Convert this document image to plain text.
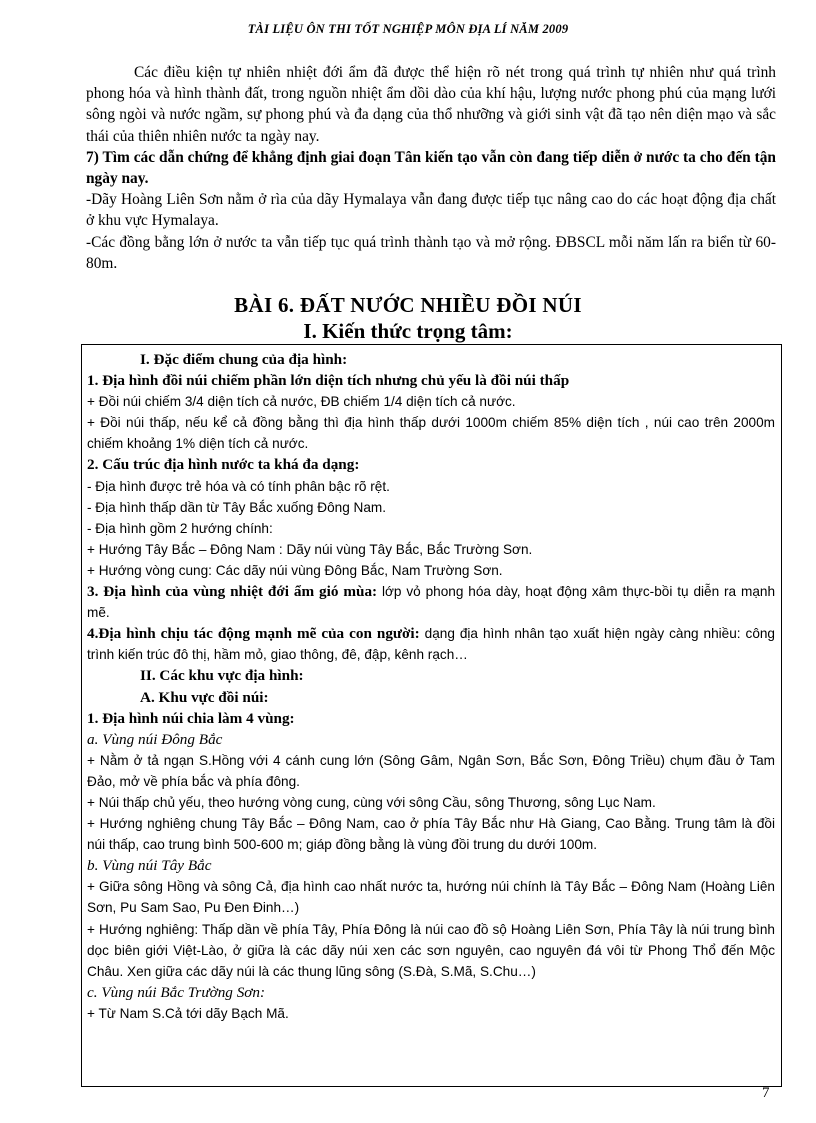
TÀI LIỆU ÔN THI TỐT NGHIỆP MÔN ĐỊA LÍ NĂM 2009

Các điều kiện tự nhiên nhiệt đới ẩm đã được thể hiện rõ nét trong quá trình tự nhiên như quá trình phong hóa và hình thành đất, trong nguồn nhiệt ẩm dồi dào của khí hậu, lượng nước phong phú của mạng lưới sông ngòi và nước ngầm, sự phong phú và đa dạng của thổ nhưỡng và giới sinh vật đã tạo nên diện mạo và sắc thái của thiên nhiên nước ta ngày nay.

7) Tìm các dẫn chứng để khẳng định giai đoạn Tân kiến tạo vẫn còn đang tiếp diễn ở nước ta cho đến tận ngày nay.

-Dãy Hoàng Liên Sơn nằm ở rìa của dãy Hymalaya vẫn đang được tiếp tục nâng cao do các hoạt động địa chất ở khu vực Hymalaya.

-Các đồng bằng lớn ở nước ta vẫn tiếp tục quá trình thành tạo và mở rộng. ĐBSCL mỗi năm lấn ra biển từ 60-80m.

BÀI 6. ĐẤT NƯỚC NHIỀU ĐỒI NÚI
I. Kiến thức trọng tâm:
I. Đặc điểm chung của địa hình:
1. Địa hình đồi núi chiếm phần lớn diện tích nhưng chủ yếu là đồi núi thấp
+ Đồi núi chiếm 3/4 diện tích cả nước, ĐB chiếm 1/4 diện tích cả nước.
+ Đồi núi thấp, nếu kể cả đồng bằng thì địa hình thấp dưới 1000m chiếm 85% diện tích , núi cao trên 2000m chiếm khoảng 1% diện tích cả nước.
2. Cấu trúc địa hình nước ta khá đa dạng:
- Địa hình được trẻ hóa và có tính phân bậc rõ rệt.
- Địa hình thấp dần từ Tây Bắc xuống Đông Nam.
- Địa hình gồm 2 hướng chính:
+ Hướng Tây Bắc – Đông Nam : Dãy núi vùng Tây Bắc, Bắc Trường Sơn.
+ Hướng vòng cung: Các dãy núi vùng Đông Bắc, Nam Trường Sơn.
3. Địa hình của vùng nhiệt đới ẩm gió mùa: lớp vỏ phong hóa dày, hoạt động xâm thực-bồi tụ diễn ra mạnh mẽ.
4.Địa hình chịu tác động mạnh mẽ của con người: dạng địa hình nhân tạo xuất hiện ngày càng nhiều: công trình kiến trúc đô thị, hầm mỏ, giao thông, đê, đập, kênh rạch…
II. Các khu vực địa hình:
A. Khu vực đồi núi:
1. Địa hình núi chia làm 4 vùng:
a. Vùng núi Đông Bắc
+ Nằm ở tả ngạn S.Hồng với 4 cánh cung lớn (Sông Gâm, Ngân Sơn, Bắc Sơn, Đông Triều) chụm đầu ở Tam Đảo, mở về phía bắc và phía đông.
+ Núi thấp chủ yếu, theo hướng vòng cung, cùng với sông Cầu, sông Thương, sông Lục Nam.
+ Hướng nghiêng chung Tây Bắc – Đông Nam, cao ở phía Tây Bắc như Hà Giang, Cao Bằng. Trung tâm là đồi núi thấp, cao trung bình 500-600 m; giáp đồng bằng là vùng đồi trung du dưới 100m.
b. Vùng núi Tây Bắc
+ Giữa sông Hồng và sông Cả, địa hình cao nhất nước ta, hướng núi chính là Tây Bắc – Đông Nam (Hoàng Liên Sơn, Pu Sam Sao, Pu Đen Đinh…)
+ Hướng nghiêng: Thấp dần về phía Tây, Phía Đông là núi cao đồ sộ Hoàng Liên Sơn, Phía Tây là núi trung bình dọc biên giới Việt-Lào, ở giữa là các dãy núi xen các sơn nguyên, cao nguyên đá vôi từ Phong Thổ đến Mộc Châu. Xen giữa các dãy núi là các thung lũng sông (S.Đà, S.Mã, S.Chu…)
c. Vùng núi Bắc Trường Sơn:
+ Từ Nam S.Cả tới dãy Bạch Mã.
7
